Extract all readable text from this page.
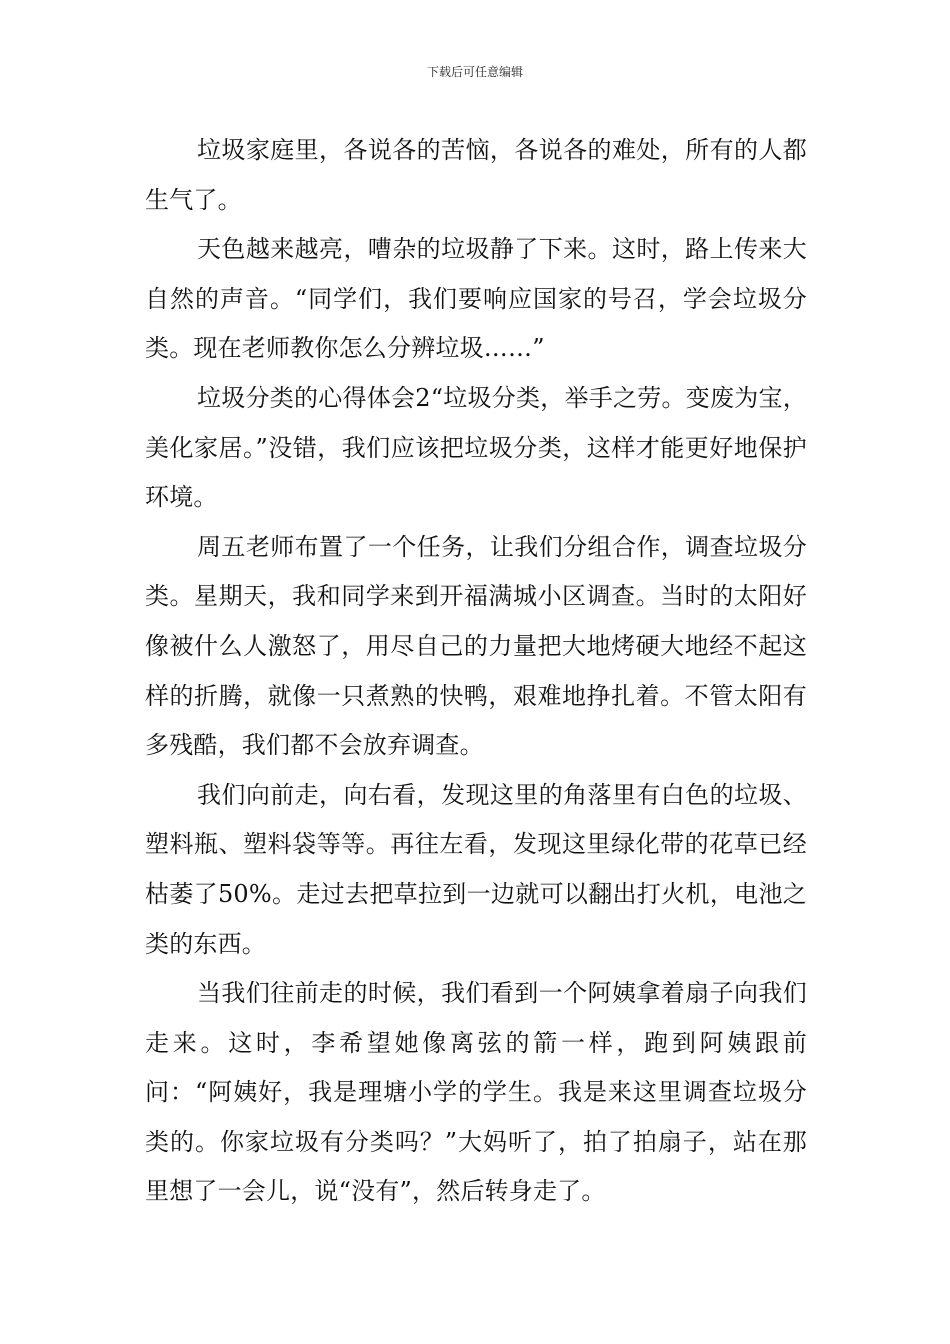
下载后可任意编辑

垃圾家庭里，各说各的苦恼，各说各的难处，所有的人都生气了。

天色越来越亮，嘈杂的垃圾静了下来。这时，路上传来大自然的声音。“同学们，我们要响应国家的号召，学会垃圾分类。现在老师教你怎么分辨垃圾……”

垃圾分类的心得体会2“垃圾分类，举手之劳。变废为宝，美化家居。”没错，我们应该把垃圾分类，这样才能更好地保护环境。

周五老师布置了一个任务，让我们分组合作，调查垃圾分类。星期天，我和同学来到开福满城小区调查。当时的太阳好像被什么人激怒了，用尽自己的力量把大地烤硬大地经不起这样的折腾，就像一只煮熟的快鸭，艰难地挣扎着。不管太阳有多残酷，我们都不会放弃调查。

我们向前走，向右看，发现这里的角落里有白色的垃圾、塑料瓶、塑料袋等等。再往左看，发现这里绿化带的花草已经枯萎了50%。走过去把草拉到一边就可以翻出打火机，电池之类的东西。

当我们往前走的时候，我们看到一个阿姨拿着扇子向我们走来。这时，李希望她像离弦的箭一样，跑到阿姨跟前问：“阿姨好，我是理塘小学的学生。我是来这里调查垃圾分类的。你家垃圾有分类吗？”大妈听了，拍了拍扇子，站在那里想了一会儿，说“没有”，然后转身走了。
